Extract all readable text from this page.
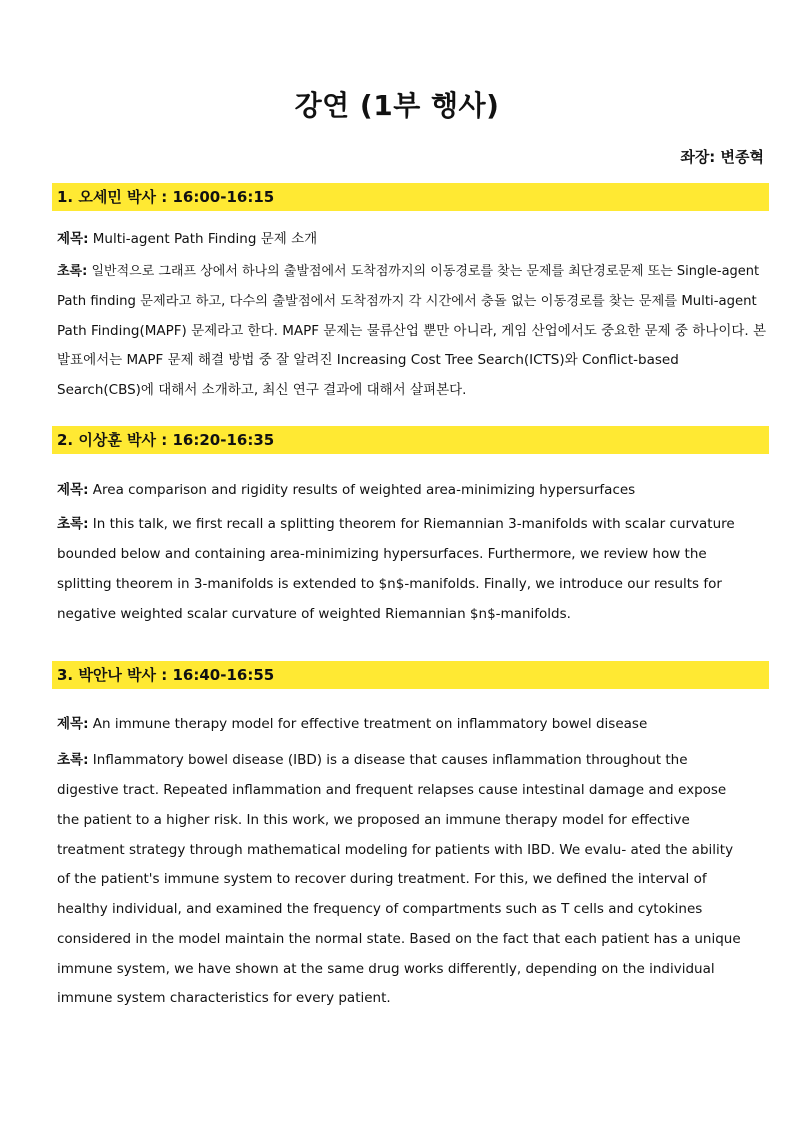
강연 (1부 행사)
좌장: 변종혁
1. 오세민 박사 : 16:00-16:15
제목: Multi-agent Path Finding 문제 소개
초록: 일반적으로 그래프 상에서 하나의 출발점에서 도착점까지의 이동경로를 찾는 문제를 최단경로문제 또는 Single-agent
Path finding 문제라고 하고, 다수의 출발점에서 도착점까지 각 시간에서 충돌 없는 이동경로를 찾는 문제를 Multi-agent
Path Finding(MAPF) 문제라고 한다. MAPF 문제는 물류산업 뿐만 아니라, 게임 산업에서도 중요한 문제 중 하나이다. 본
발표에서는 MAPF 문제 해결 방법 중 잘 알려진 Increasing Cost Tree Search(ICTS)와 Conflict-based
Search(CBS)에 대해서 소개하고, 최신 연구 결과에 대해서 살펴본다.
2. 이상훈 박사 : 16:20-16:35
제목: Area comparison and rigidity results of weighted area-minimizing hypersurfaces
초록: In this talk, we first recall a splitting theorem for Riemannian 3-manifolds with scalar curvature
bounded below and containing area-minimizing hypersurfaces. Furthermore, we review how the
splitting theorem in 3-manifolds is extended to $n$-manifolds. Finally, we introduce our results for
negative weighted scalar curvature of weighted Riemannian $n$-manifolds.
3. 박안나 박사 : 16:40-16:55
제목: An immune therapy model for effective treatment on inflammatory bowel disease
초록: Inflammatory bowel disease (IBD) is a disease that causes inflammation throughout the
digestive tract. Repeated inflammation and frequent relapses cause intestinal damage and expose
the patient to a higher risk. In this work, we proposed an immune therapy model for effective
treatment strategy through mathematical modeling for patients with IBD. We evalu- ated the ability
of the patient's immune system to recover during treatment. For this, we defined the interval of
healthy individual, and examined the frequency of compartments such as T cells and cytokines
considered in the model maintain the normal state. Based on the fact that each patient has a unique
immune system, we have shown at the same drug works differently, depending on the individual
immune system characteristics for every patient.
